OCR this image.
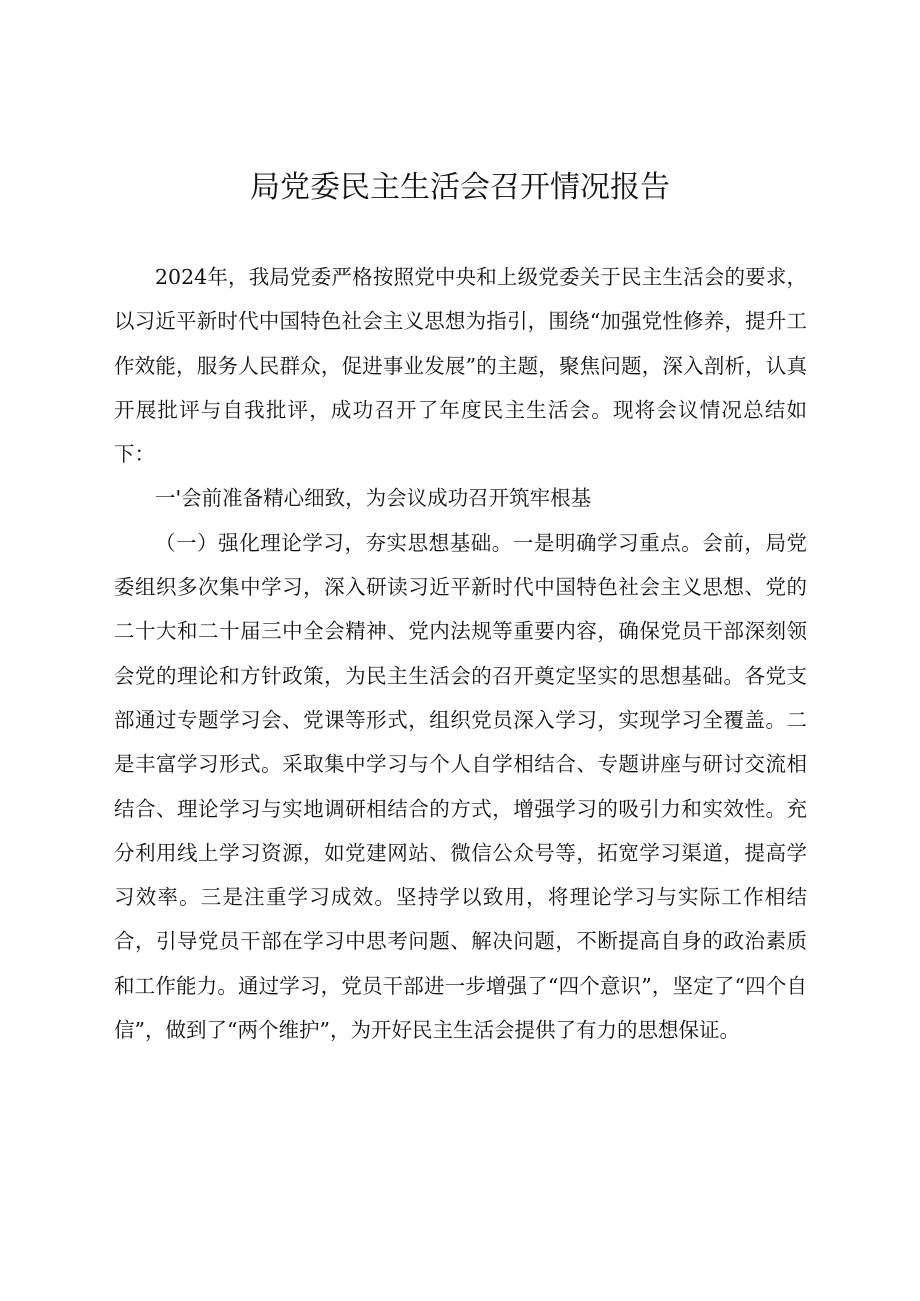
局党委民主生活会召开情况报告

2024年，我局党委严格按照党中央和上级党委关于民主生活会的要求，以习近平新时代中国特色社会主义思想为指引，围绕“加强党性修养，提升工作效能，服务人民群众，促进事业发展”的主题，聚焦问题，深入剖析，认真开展批评与自我批评，成功召开了年度民主生活会。现将会议情况总结如下：

一'会前准备精心细致，为会议成功召开筑牢根基

（一）强化理论学习，夯实思想基础。一是明确学习重点。会前，局党委组织多次集中学习，深入研读习近平新时代中国特色社会主义思想、党的二十大和二十届三中全会精神、党内法规等重要内容，确保党员干部深刻领会党的理论和方针政策，为民主生活会的召开奠定坚实的思想基础。各党支部通过专题学习会、党课等形式，组织党员深入学习，实现学习全覆盖。二是丰富学习形式。采取集中学习与个人自学相结合、专题讲座与研讨交流相结合、理论学习与实地调研相结合的方式，增强学习的吸引力和实效性。充分利用线上学习资源，如党建网站、微信公众号等，拓宽学习渠道，提高学习效率。三是注重学习成效。坚持学以致用，将理论学习与实际工作相结合，引导党员干部在学习中思考问题、解决问题，不断提高自身的政治素质和工作能力。通过学习，党员干部进一步增强了“四个意识”，坚定了“四个自信”，做到了“两个维护”，为开好民主生活会提供了有力的思想保证。
